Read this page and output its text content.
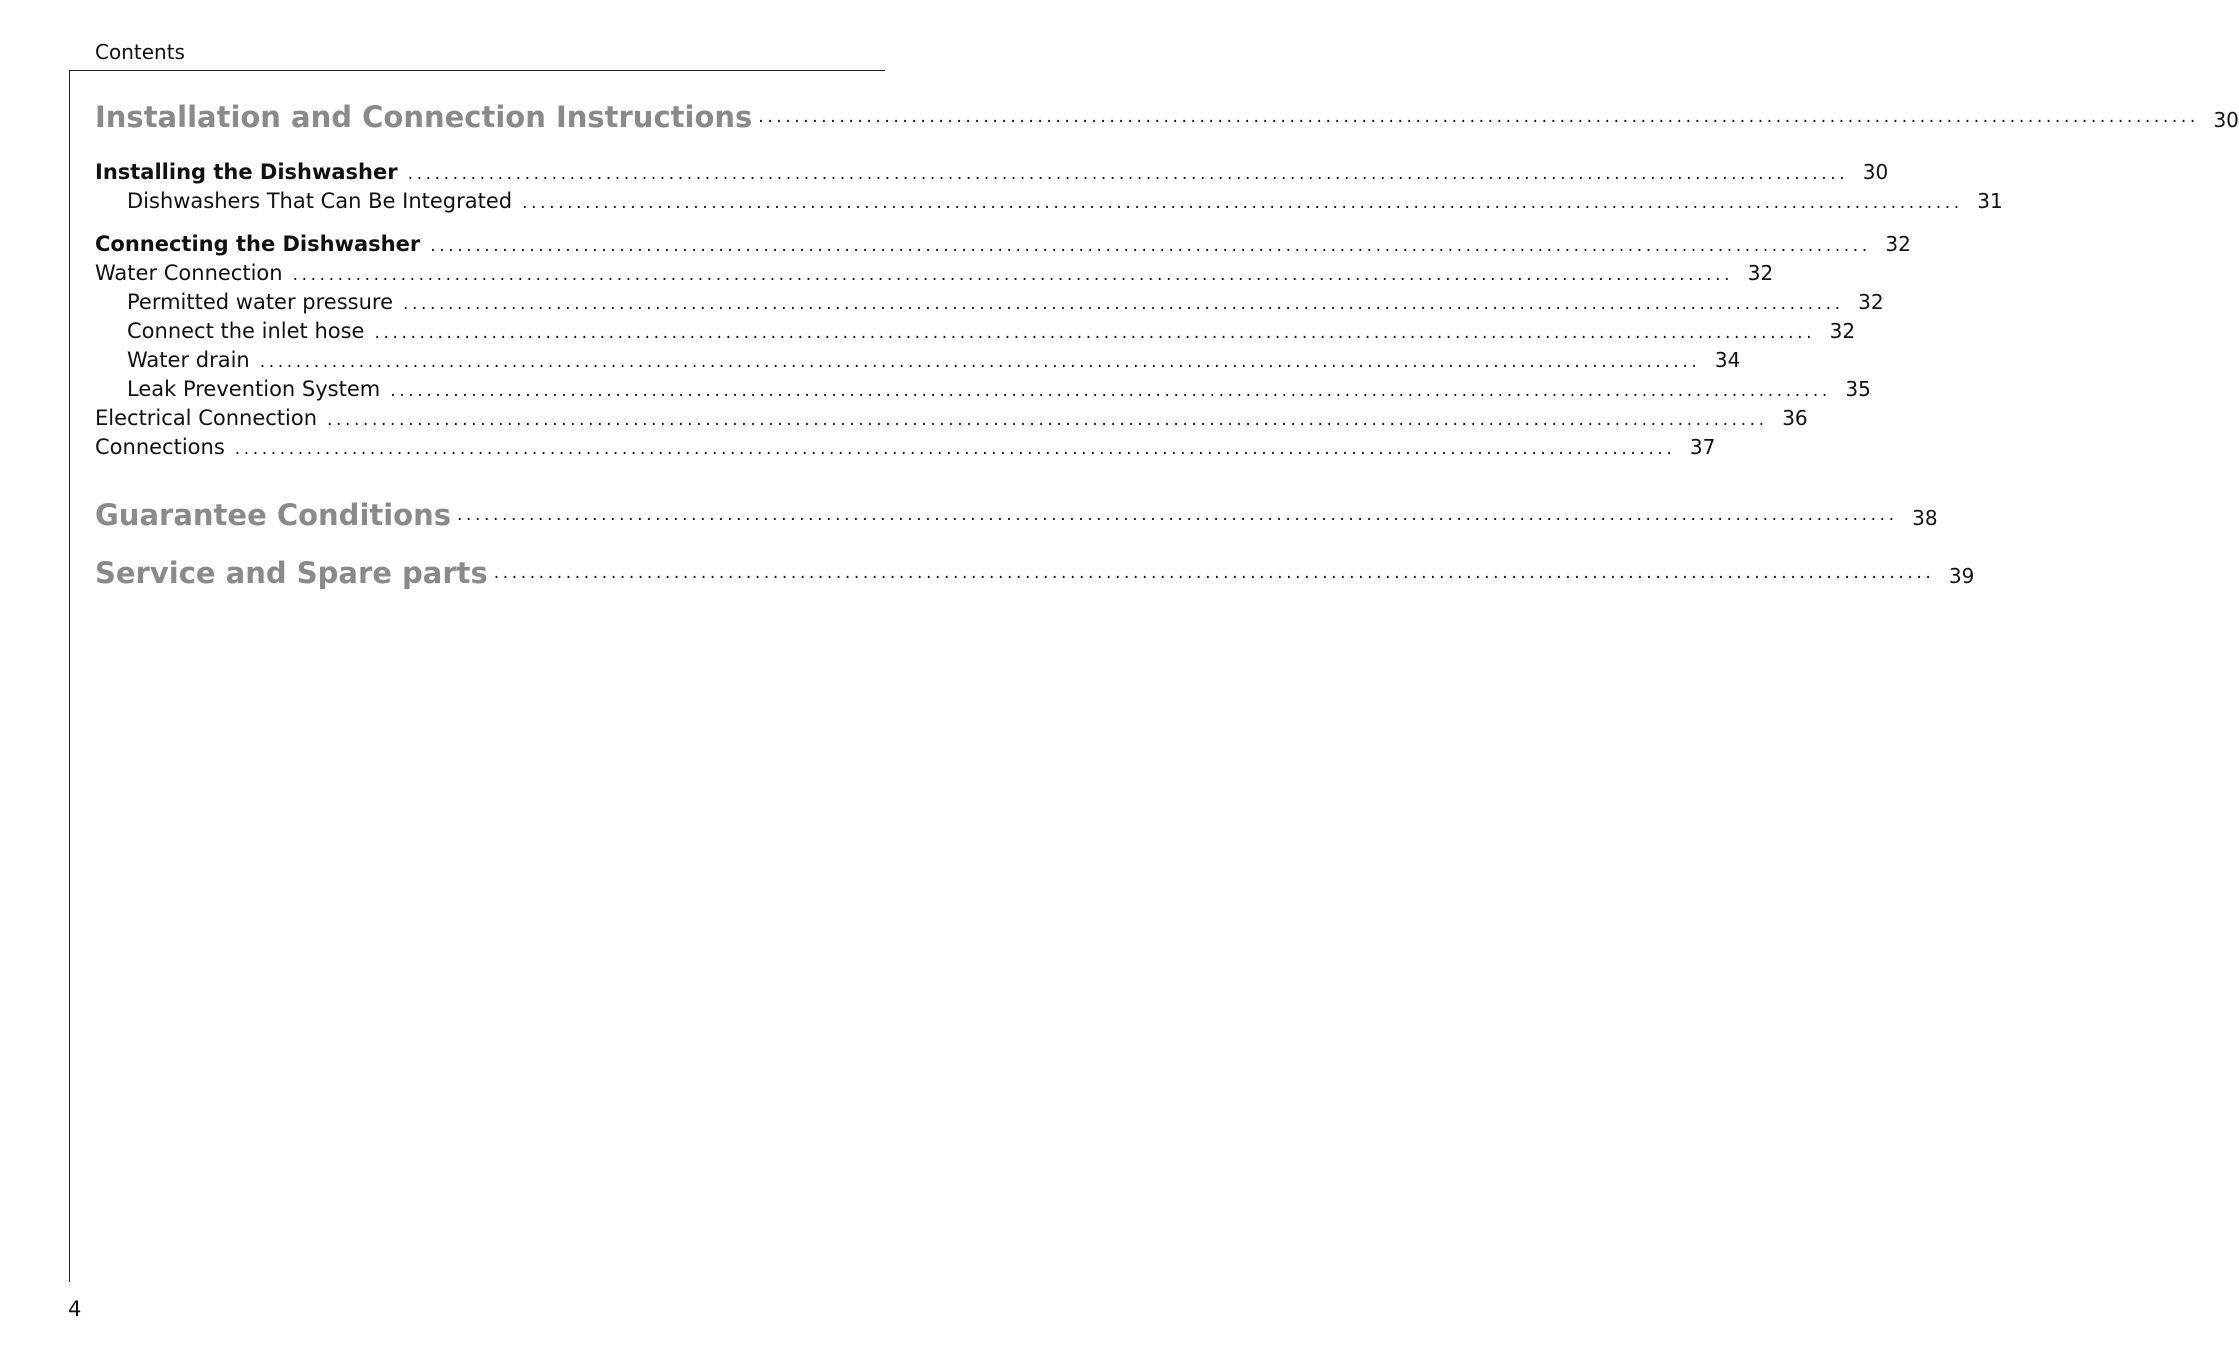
Contents
Installation and Connection Instructions ................................................................................................................................................................ 30
Installing the Dishwasher ................................................................................................................................................................ 30
Dishwashers That Can Be Integrated ................................................................................................................................................................ 31
Connecting the Dishwasher ................................................................................................................................................................ 32
Water Connection ................................................................................................................................................................ 32
Permitted water pressure ................................................................................................................................................................ 32
Connect the inlet hose ................................................................................................................................................................ 32
Water drain ................................................................................................................................................................ 34
Leak Prevention System ................................................................................................................................................................ 35
Electrical Connection ................................................................................................................................................................ 36
Connections ................................................................................................................................................................ 37
Guarantee Conditions ................................................................................................................................................................ 38
Service and Spare parts ................................................................................................................................................................ 39
4
